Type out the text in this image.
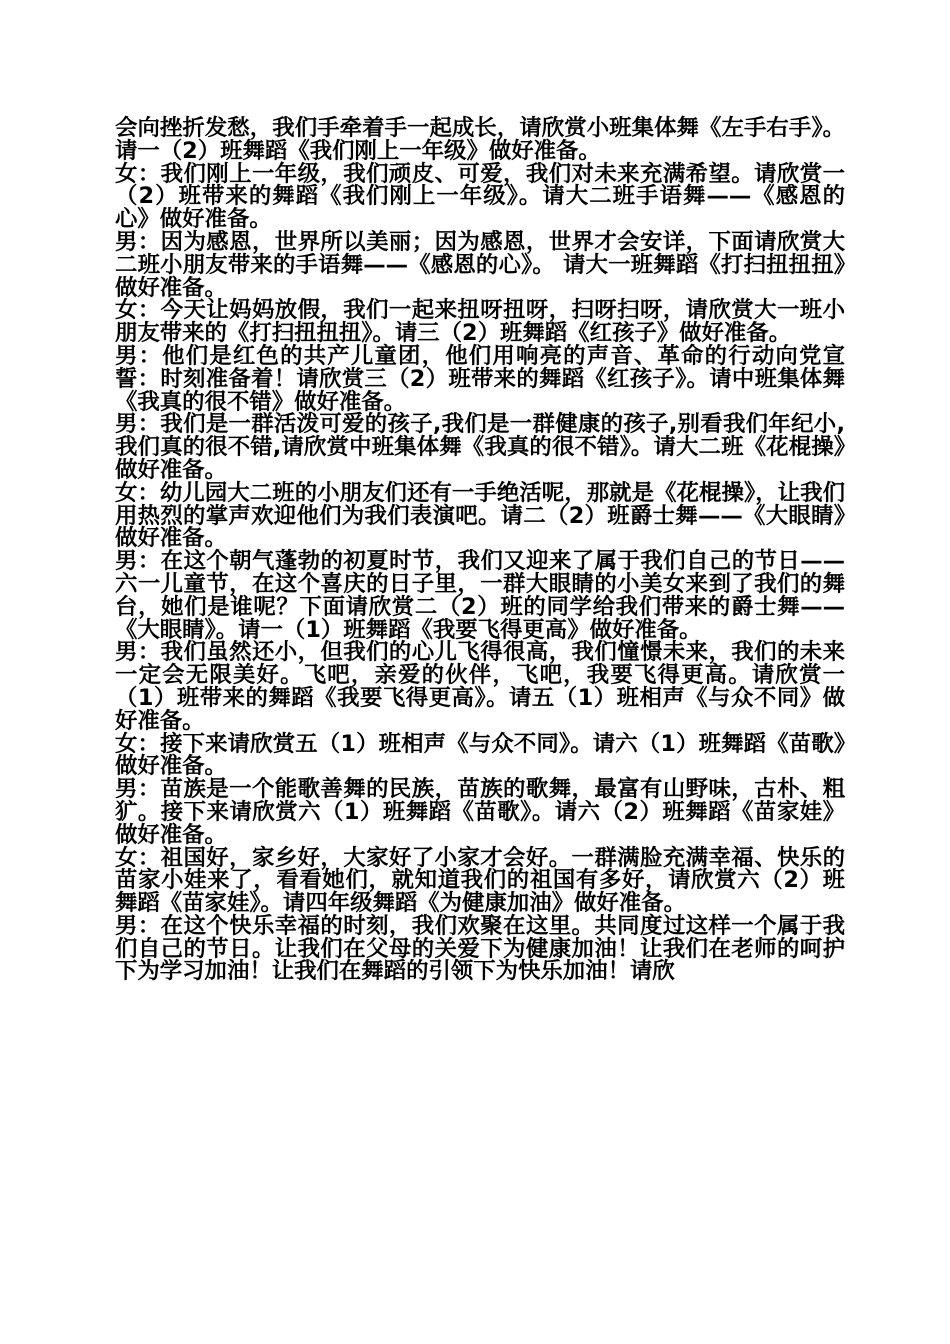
会向挫折发愁，我们手牵着手一起成长，请欣赏小班集体舞《左手右手》。请一（2）班舞蹈《我们刚上一年级》做好准备。

女：我们刚上一年级，我们顽皮、可爱，我们对未来充满希望。请欣赏一（2）班带来的舞蹈《我们刚上一年级》。请大二班手语舞——《感恩的心》做好准备。

男：因为感恩，世界所以美丽；因为感恩，世界才会安详，下面请欣赏大二班小朋友带来的手语舞——《感恩的心》。 请大一班舞蹈《打扫扭扭扭》做好准备。

女：今天让妈妈放假，我们一起来扭呀扭呀，扫呀扫呀，请欣赏大一班小朋友带来的《打扫扭扭扭》。请三（2）班舞蹈《红孩子》做好准备。

男：他们是红色的共产儿童团，他们用响亮的声音、革命的行动向党宣誓：时刻准备着！请欣赏三（2）班带来的舞蹈《红孩子》。请中班集体舞《我真的很不错》做好准备。

男：我们是一群活泼可爱的孩子,我们是一群健康的孩子,别看我们年纪小,我们真的很不错,请欣赏中班集体舞《我真的很不错》。请大二班《花棍操》做好准备。

女：幼儿园大二班的小朋友们还有一手绝活呢，那就是《花棍操》，让我们用热烈的掌声欢迎他们为我们表演吧。请二（2）班爵士舞——《大眼睛》做好准备。

男：在这个朝气蓬勃的初夏时节，我们又迎来了属于我们自己的节日——六一儿童节，在这个喜庆的日子里，一群大眼睛的小美女来到了我们的舞台，她们是谁呢？下面请欣赏二（2）班的同学给我们带来的爵士舞——《大眼睛》。请一（1）班舞蹈《我要飞得更高》做好准备。

男：我们虽然还小，但我们的心儿飞得很高，我们憧憬未来，我们的未来一定会无限美好。飞吧，亲爱的伙伴，飞吧，我要飞得更高。请欣赏一（1）班带来的舞蹈《我要飞得更高》。请五（1）班相声《与众不同》做好准备。

女：接下来请欣赏五（1）班相声《与众不同》。请六（1）班舞蹈《苗歌》做好准备。

男：苗族是一个能歌善舞的民族，苗族的歌舞，最富有山野味，古朴、粗犷。接下来请欣赏六（1）班舞蹈《苗歌》。请六（2）班舞蹈《苗家娃》做好准备。

女：祖国好，家乡好，大家好了小家才会好。一群满脸充满幸福、快乐的苗家小娃来了，看看她们，就知道我们的祖国有多好，请欣赏六（2）班舞蹈《苗家娃》。请四年级舞蹈《为健康加油》做好准备。

男：在这个快乐幸福的时刻，我们欢聚在这里。共同度过这样一个属于我们自己的节日。让我们在父母的关爱下为健康加油！让我们在老师的呵护下为学习加油！让我们在舞蹈的引领下为快乐加油！请欣
